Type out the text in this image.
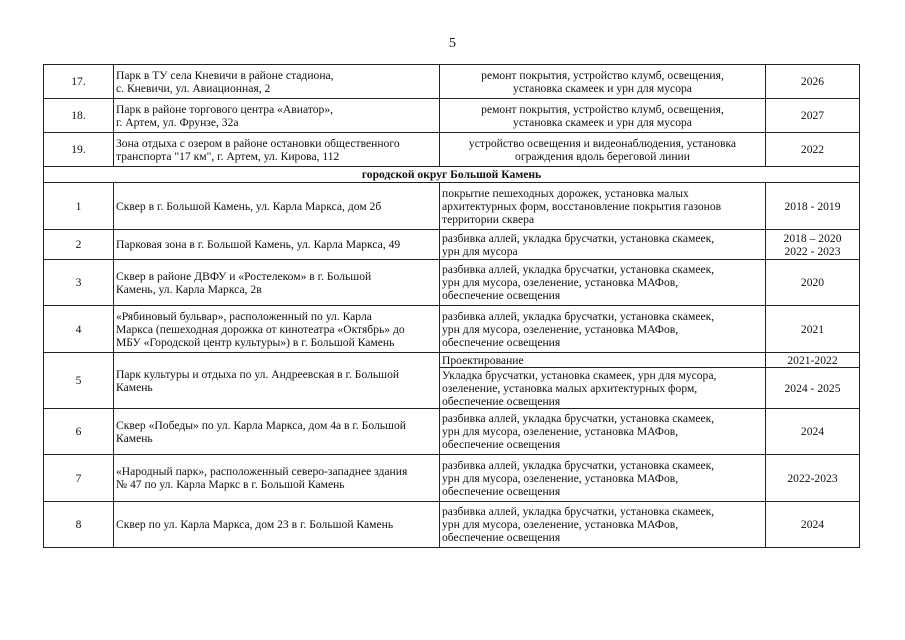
5
17.	Парк в ТУ села Кневичи в районе стадиона,
с. Кневичи, ул. Авиационная, 2	ремонт покрытия, устройство клумб, освещения,
установка скамеек и урн для мусора	2026

18.	Парк в районе торгового центра «Авиатор»,
г. Артем, ул. Фрунзе, 32а	ремонт покрытия, устройство клумб, освещения,
установка скамеек и урн для мусора	2027

19.	Зона отдыха с озером в районе остановки общественного
транспорта "17 км", г. Артем, ул. Кирова, 112	устройство освещения и видеонаблюдения, установка
ограждения вдоль береговой линии	2022

городской округ Большой Камень			
1	Сквер в г. Большой Камень, ул. Карла Маркса, дом 2б	покрытие пешеходных дорожек, установка малых
архитектурных форм, восстановление покрытия газонов
территории сквера	2018 - 2019

2	Парковая зона в г. Большой Камень, ул. Карла Маркса, 49	разбивка аллей, укладка брусчатки, установка скамеек,
урн для мусора	2018 – 2020
2022 - 2023

3	Сквер в районе ДВФУ и «Ростелеком» в г. Большой
Камень, ул. Карла Маркса, 2в	разбивка аллей, укладка брусчатки, установка скамеек,
урн для мусора, озеленение, установка МАФов,
обеспечение освещения	2020

4	«Рябиновый бульвар», расположенный по ул. Карла
Маркса (пешеходная дорожка от кинотеатра «Октябрь» до
МБУ «Городской центр культуры») в г. Большой Камень	разбивка аллей, укладка брусчатки, установка скамеек,
урн для мусора, озеленение, установка МАФов,
обеспечение освещения	2021

5	Парк культуры и отдыха по ул. Андреевская в г. Большой
Камень	Проектирование	2021-2022

		Укладка брусчатки, установка скамеек, урн для мусора,
озеленение, установка малых архитектурных форм,
обеспечение освещения	2024 - 2025

6	Сквер «Победы» по ул. Карла Маркса, дом 4а в г. Большой
Камень	разбивка аллей, укладка брусчатки, установка скамеек,
урн для мусора, озеленение, установка МАФов,
обеспечение освещения	2024

7	«Народный парк», расположенный северо-западнее здания
№ 47 по ул. Карла Маркс в г. Большой Камень	разбивка аллей, укладка брусчатки, установка скамеек,
урн для мусора, озеленение, установка МАФов,
обеспечение освещения	2022-2023

8	Сквер по ул. Карла Маркса, дом 23 в г. Большой Камень	разбивка аллей, укладка брусчатки, установка скамеек,
урн для мусора, озеленение, установка МАФов,
обеспечение освещения	2024
